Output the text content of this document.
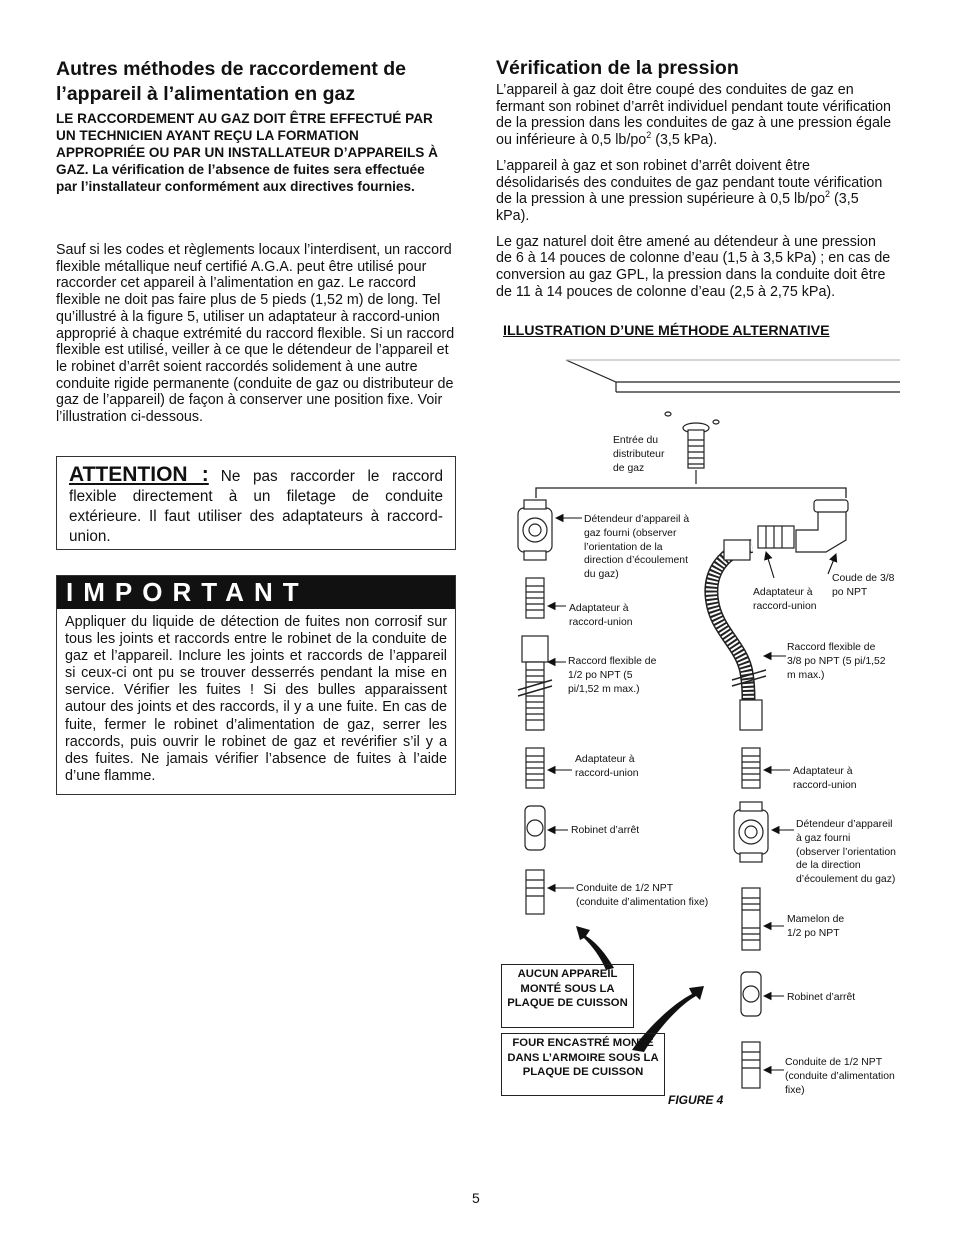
Autres méthodes de raccordement de l’appareil à l’alimentation en gaz
LE RACCORDEMENT AU GAZ DOIT ÊTRE EFFECTUÉ PAR UN TECHNICIEN AYANT REÇU LA FORMATION APPROPRIÉE OU PAR UN INSTALLATEUR D’APPAREILS À GAZ. La vérification de l’absence de fuites sera effectuée par l’installateur conformément aux directives fournies.

Sauf si les codes et règlements locaux l’interdisent, un raccord flexible métallique neuf certifié A.G.A. peut être utilisé pour raccorder cet appareil à l’alimentation en gaz. Le raccord flexible ne doit pas faire plus de 5 pieds (1,52 m) de long. Tel qu’illustré à la figure 5, utiliser un adaptateur à raccord-union approprié à chaque extrémité du raccord flexible. Si un raccord flexible est utilisé, veiller à ce que le détendeur de l’appareil et le robinet d’arrêt soient raccordés solidement à une autre conduite rigide permanente (conduite de gaz ou distributeur de gaz de l’appareil) de façon à conserver une position fixe. Voir l’illustration ci-dessous.

ATTENTION : Ne pas raccorder le raccord flexible directement à un filetage de conduite extérieure. Il faut utiliser des adaptateurs à raccord-union.
IMPORTANT
Appliquer du liquide de détection de fuites non corrosif sur tous les joints et raccords entre le robinet de la conduite de gaz et l’appareil. Inclure les joints et raccords de l’appareil si ceux-ci ont pu se trouver desserrés pendant la mise en service. Vérifier les fuites ! Si des bulles apparaissent autour des joints et des raccords, il y a une fuite. En cas de fuite, fermer le robinet d’alimentation de gaz, serrer les raccords, puis ouvrir le robinet de gaz et revérifier s’il y a des fuites. Ne jamais vérifier l’absence de fuites à l’aide d’une flamme.
Vérification de la pression

L’appareil à gaz doit être coupé des conduites de gaz en fermant son robinet d’arrêt individuel pendant toute vérification de la pression dans les conduites de gaz à une pression égale ou inférieure à 0,5 $lb/po^2$ (3,5 kPa).

L’appareil à gaz et son robinet d’arrêt doivent être désolidarisés des conduites de gaz pendant toute vérification de la pression à une pression supérieure à 0,5 $lb/po^2$ (3,5 kPa).

Le gaz naturel doit être amené au détendeur à une pression de 6 à 14 pouces de colonne d’eau (1,5 à 3,5 kPa) ; en cas de conversion au gaz GPL, la pression dans la conduite doit être de 11 à 14 pouces de colonne d’eau (2,5 à 2,75 kPa).

ILLUSTRATION D’UNE MÉTHODE ALTERNATIVE
Entrée du distributeur de gaz
Détendeur d’appareil à gaz fourni (observer l’orientation de la direction d’écoulement du gaz)
Adaptateur à raccord-union
Raccord flexible de 1/2 po NPT (5 pi/1,52 m max.)
Adaptateur à raccord-union
Robinet d’arrêt
Conduite de 1/2 NPT (conduite d’alimentation fixe)
Adaptateur à raccord-union
Coude de 3/8 po NPT
Raccord flexible de 3/8 po NPT (5 pi/1,52 m max.)
Adaptateur à raccord-union
Détendeur d’appareil à gaz fourni (observer l’orientation de la direction d’écoulement du gaz)
Mamelon de 1/2 po NPT
Robinet d’arrêt
Conduite de 1/2 NPT (conduite d’alimentation fixe)
AUCUN APPAREIL MONTÉ SOUS LA PLAQUE DE CUISSON
FOUR ENCASTRÉ MONTÉ DANS L’ARMOIRE SOUS LA PLAQUE DE CUISSON
FIGURE 4
5
